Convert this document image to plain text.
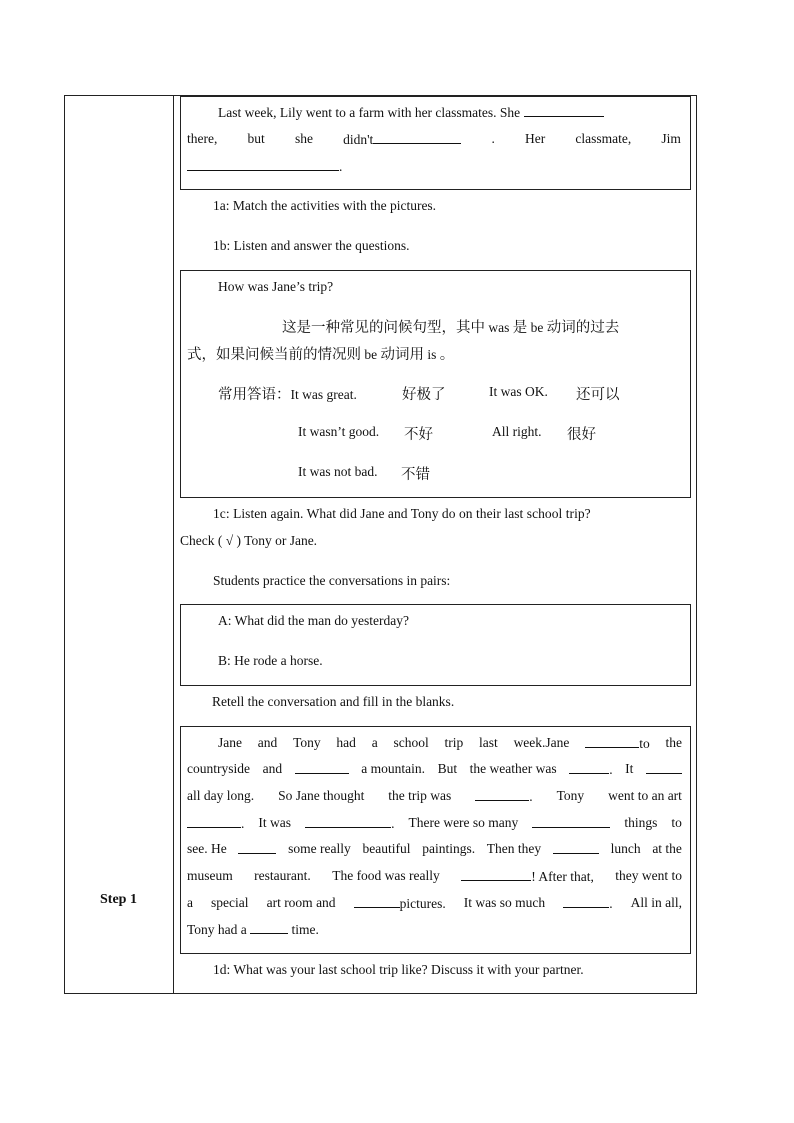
Step 1
Last week, Lily went to a farm with her classmates. She
there, but she didn't	. Her classmate, Jim
.
1a: Match the activities with the pictures.
1b: Listen and answer the questions.
How was Jane’s trip?
这是一种常见的问候句型，其中 was 是 be 动词的过去
式，如果问候当前的情况则 be 动词用 is 。
常用答语：It was great.	好极了	It was OK. 还可以
It wasn’t good. 不好	All right. 很好
It was not bad. 不错
1c: Listen again. What did Jane and Tony do on their last school trip?
Check ( √ ) Tony or Jane.
Students practice the conversations in pairs:
A: What did the man do yesterday?
B: He rode a horse.
Retell the conversation and fill in the blanks.
Jane and Tony had a school trip last week.Jane	to the
countryside and	a mountain. But the weather was	. It
all day long. So Jane thought the trip was	. Tony went to an art
. It was	. There were so many	things to
see. He	some really beautiful paintings. Then they	lunch at the
museum restaurant. The food was really	! After that, they went to
a special art room and	pictures. It was so much	. All in all,
Tony had a	time.
1d: What was your last school trip like? Discuss it with your partner.
